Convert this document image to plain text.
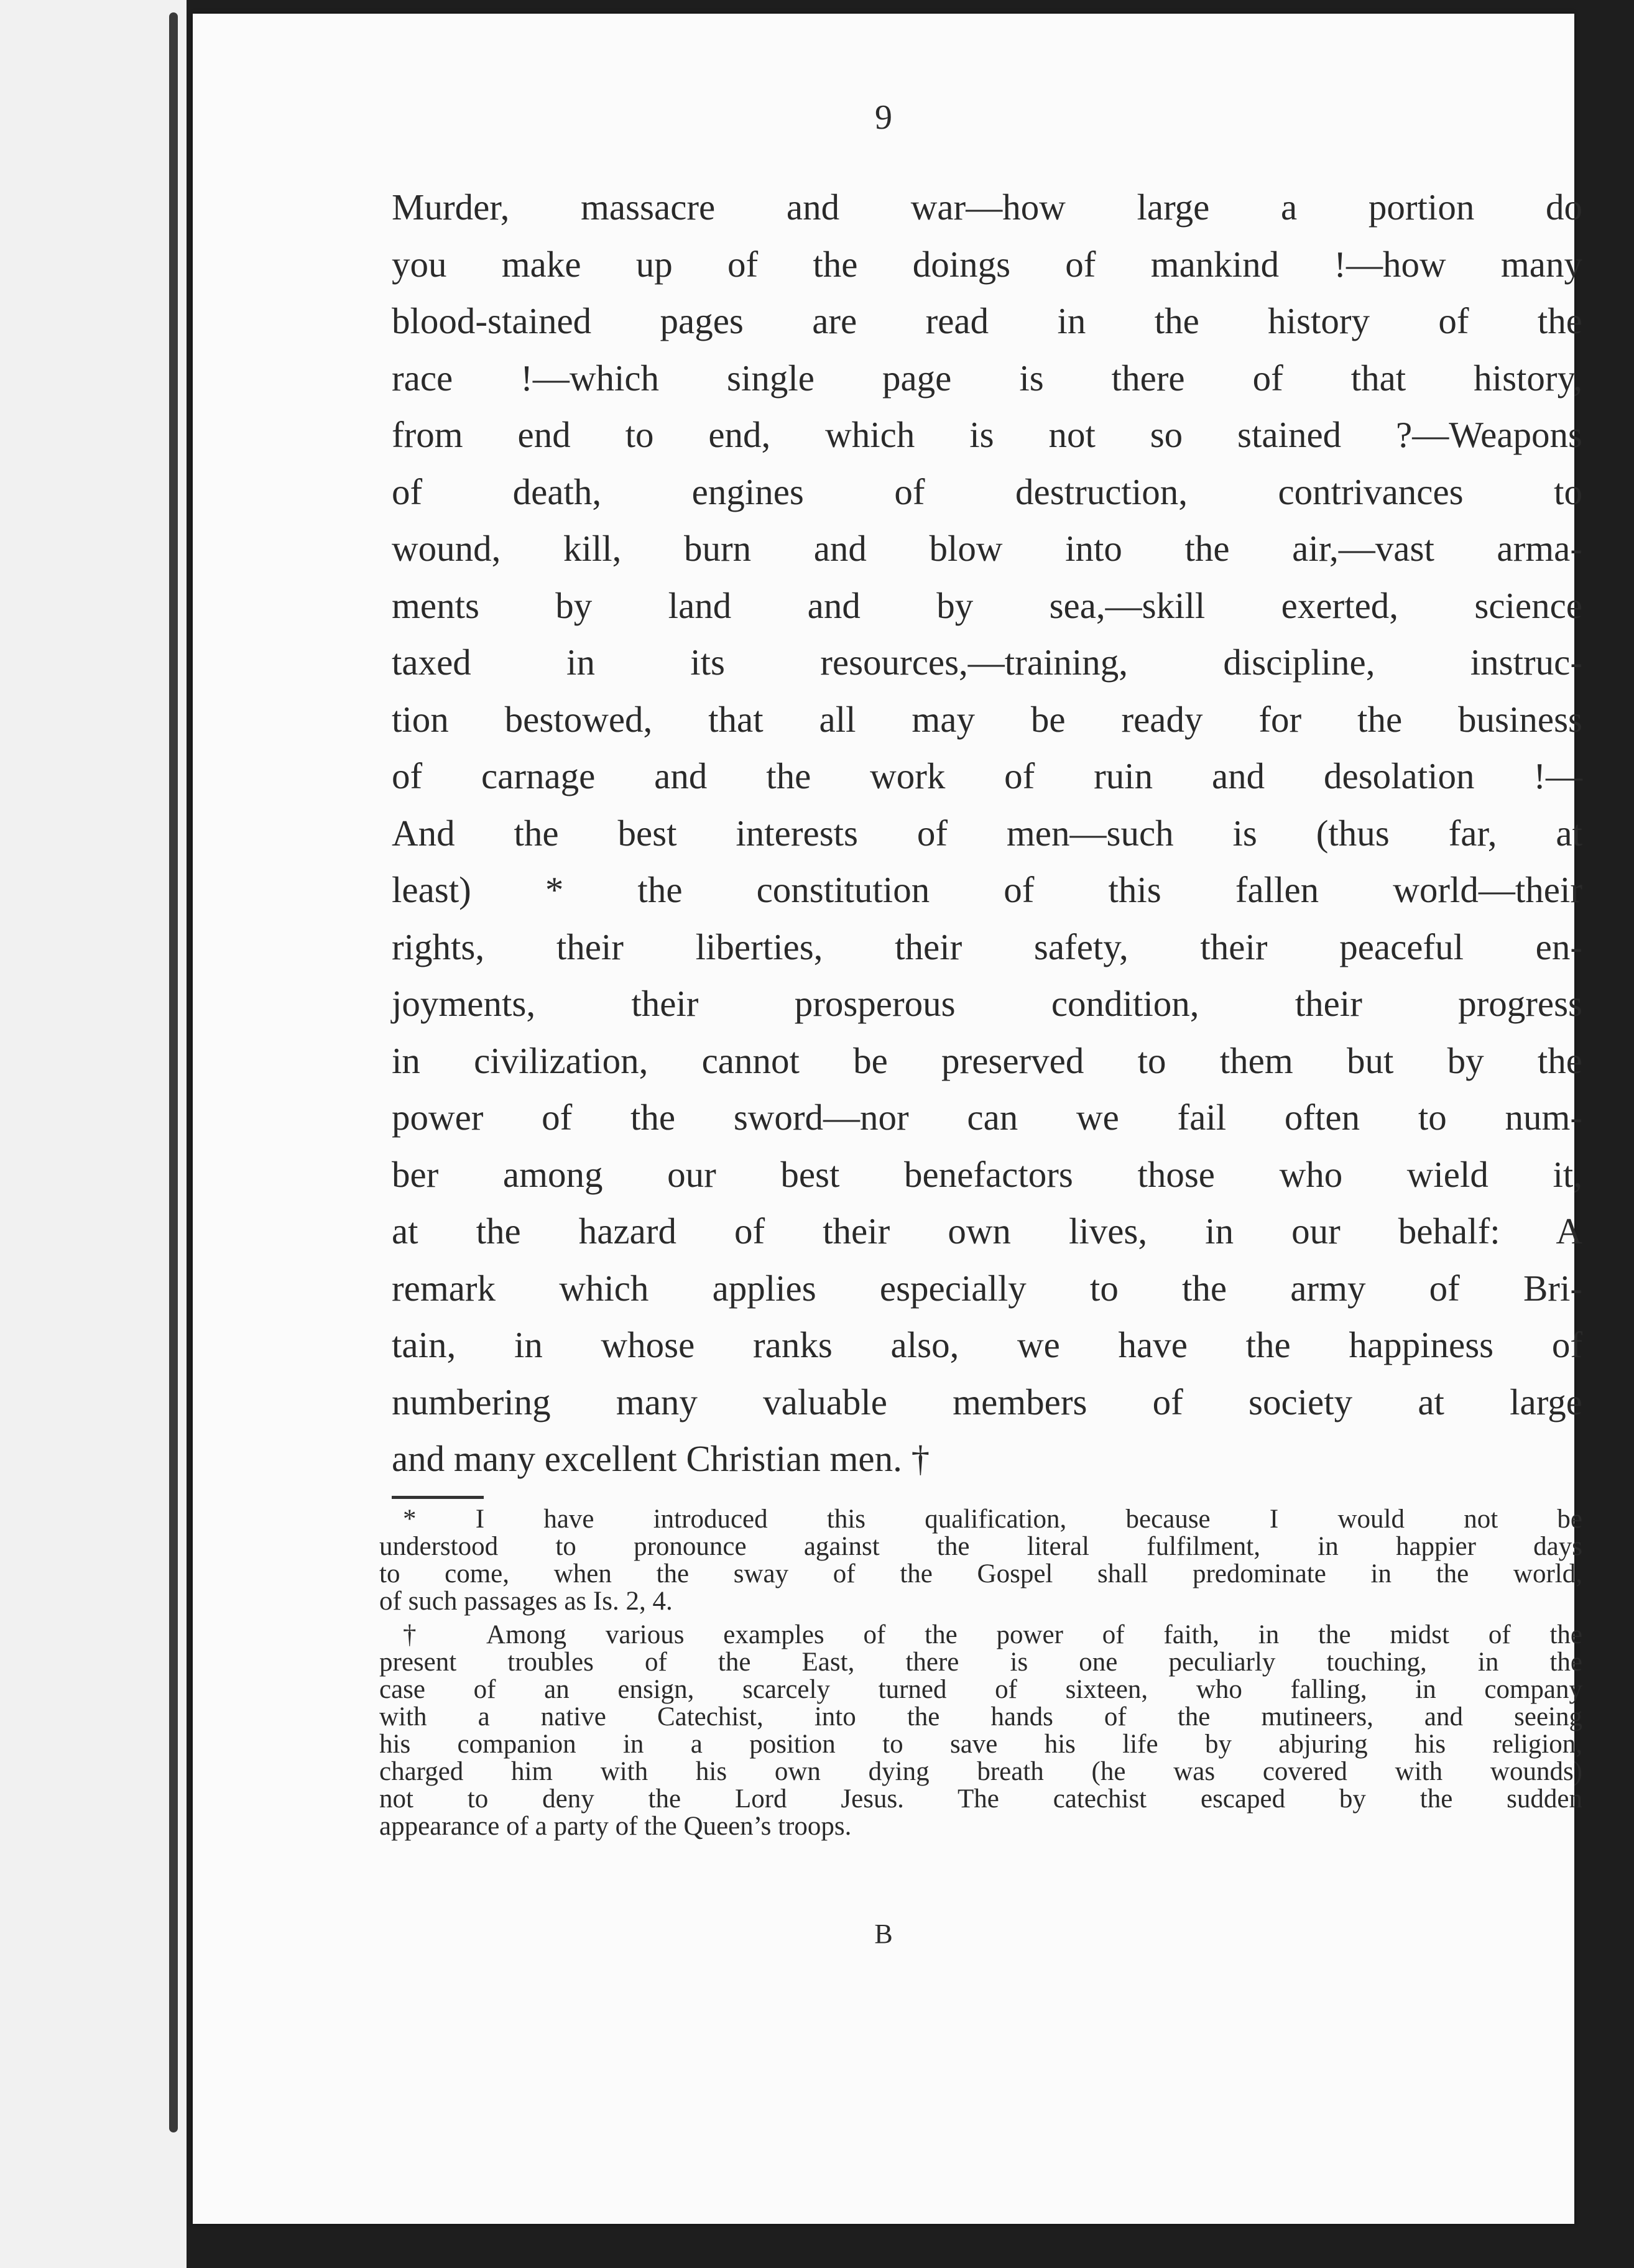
9
Murder, massacre and war—how large a portion do
you make up of the doings of mankind !—how many
blood-stained pages are read in the history of the
race !—which single page is there of that history,
from end to end, which is not so stained ?—Weapons
of death, engines of destruction, contrivances to
wound, kill, burn and blow into the air,—vast arma-
ments by land and by sea,—skill exerted, science
taxed in its resources,—training, discipline, instruc-
tion bestowed, that all may be ready for the business
of carnage and the work of ruin and desolation !—
And the best interests of men—such is (thus far, at
least) * the constitution of this fallen world—their
rights, their liberties, their safety, their peaceful en-
joyments, their prosperous condition, their progress
in civilization, cannot be preserved to them but by the
power of the sword—nor can we fail often to num-
ber among our best benefactors those who wield it,
at the hazard of their own lives, in our behalf: A
remark which applies especially to the army of Bri-
tain, in whose ranks also, we have the happiness of
numbering many valuable members of society at large
and many excellent Christian men. †
* I have introduced this qualification, because I would not be
understood to pronounce against the literal fulfilment, in happier days
to come, when the sway of the Gospel shall predominate in the world,
of such passages as Is. 2, 4.
† Among various examples of the power of faith, in the midst of the
present troubles of the East, there is one peculiarly touching, in the
case of an ensign, scarcely turned of sixteen, who falling, in company
with a native Catechist, into the hands of the mutineers, and seeing
his companion in a position to save his life by abjuring his religion,
charged him with his own dying breath (he was covered with wounds)
not to deny the Lord Jesus. The catechist escaped by the sudden
appearance of a party of the Queen’s troops.
B
